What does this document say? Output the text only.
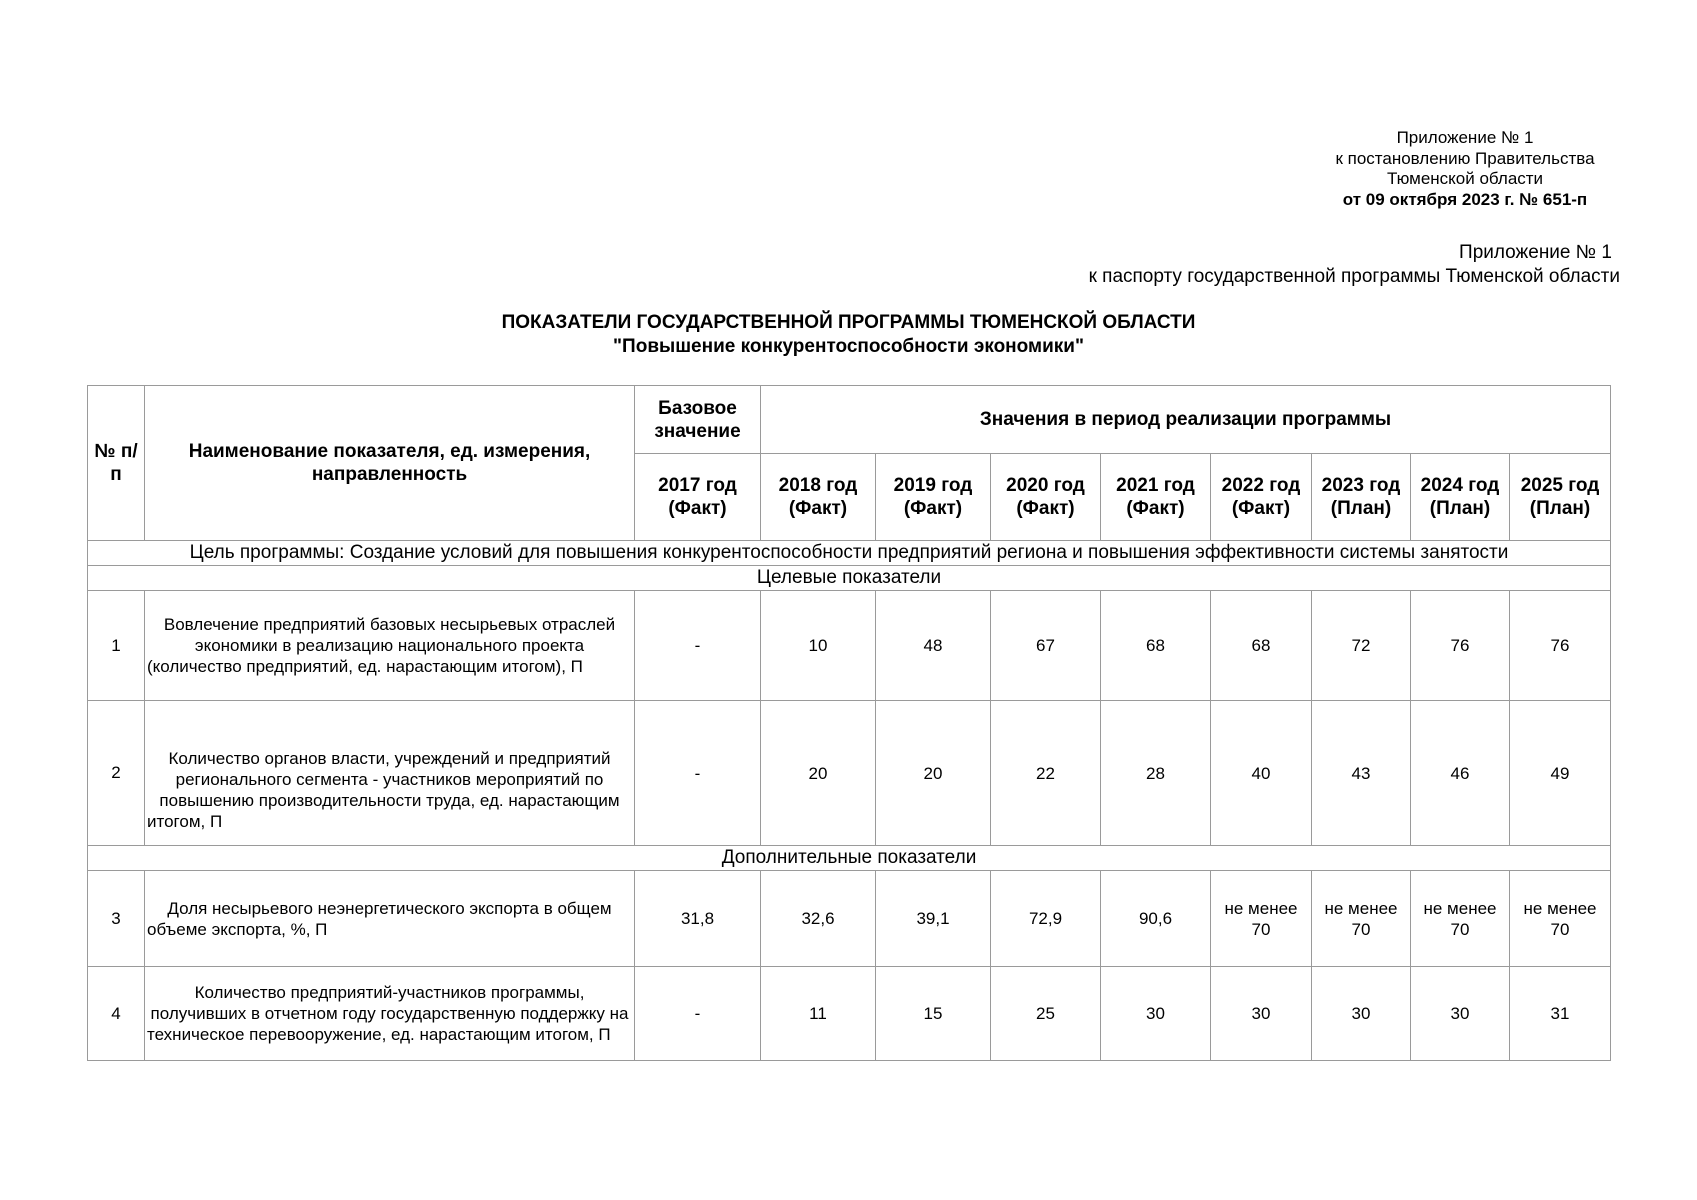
Приложение № 1
к постановлению Правительства
Тюменской области
от 09 октября 2023 г. № 651-п
Приложение № 1
к паспорту государственной программы Тюменской области
ПОКАЗАТЕЛИ ГОСУДАРСТВЕННОЙ ПРОГРАММЫ ТЮМЕНСКОЙ ОБЛАСТИ
"Повышение конкурентоспособности экономики"
№ п/п	Наименование показателя, ед. измерения, направленность	Базовое значение	Значения в период реализации программы							
		2017 год (Факт)	2018 год (Факт)	2019 год (Факт)	2020 год (Факт)	2021 год (Факт)	2022 год (Факт)	2023 год (План)	2024 год (План)	2025 год (План)
Цель программы: Создание условий для повышения конкурентоспособности предприятий региона и повышения эффективности системы занятости										
Целевые показатели										
1	Вовлечение предприятий базовых несырьевых отраслей экономики в реализацию национального проекта (количество предприятий, ед. нарастающим итогом), П	-	10	48	67	68	68	72	76	76
2	Количество органов власти, учреждений и предприятий регионального сегмента - участников мероприятий по повышению производительности труда, ед. нарастающим итогом, П	-	20	20	22	28	40	43	46	49
Дополнительные показатели										
3	Доля несырьевого неэнергетического экспорта в общем объеме экспорта, %, П	31,8	32,6	39,1	72,9	90,6	не менее 70	не менее 70	не менее 70	не менее 70
4	Количество предприятий-участников программы, получивших в отчетном году государственную поддержку на техническое перевооружение, ед. нарастающим итогом, П	-	11	15	25	30	30	30	30	31
